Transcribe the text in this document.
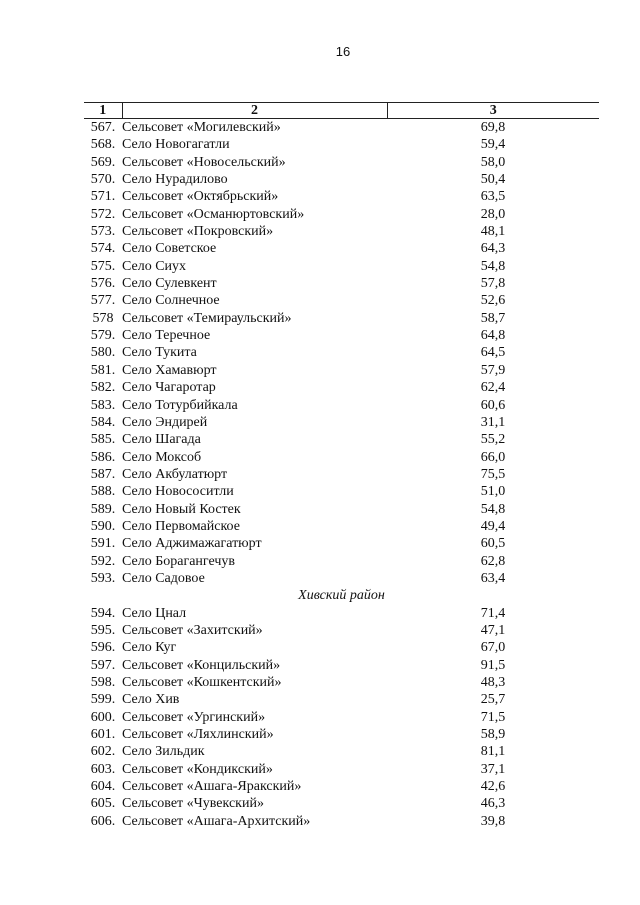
16
1	2	3
567.	Сельсовет «Могилевский»	69,8
568.	Село Новогагатли	59,4
569.	Сельсовет «Новосельский»	58,0
570.	Село Нурадилово	50,4
571.	Сельсовет «Октябрьский»	63,5
572.	Сельсовет «Османюртовский»	28,0
573.	Сельсовет «Покровский»	48,1
574.	Село Советское	64,3
575.	Село Сиух	54,8
576.	Село Сулевкент	57,8
577.	Село Солнечное	52,6
578	Сельсовет «Темираульский»	58,7
579.	Село Теречное	64,8
580.	Село Тукита	64,5
581.	Село Хамавюрт	57,9
582.	Село Чагаротар	62,4
583.	Село Тотурбийкала	60,6
584.	Село Эндирей	31,1
585.	Село Шагада	55,2
586.	Село Моксоб	66,0
587.	Село Акбулатюрт	75,5
588.	Село Новососитли	51,0
589.	Село Новый Костек	54,8
590.	Село Первомайское	49,4
591.	Село Аджимажагатюрт	60,5
592.	Село Борагангечув	62,8
593.	Село Садовое	63,4
Хивский район		
594.	Село Цнал	71,4
595.	Сельсовет «Захитский»	47,1
596.	Село Куг	67,0
597.	Сельсовет «Концильский»	91,5
598.	Сельсовет «Кошкентский»	48,3
599.	Село Хив	25,7
600.	Сельсовет «Ургинский»	71,5
601.	Сельсовет «Ляхлинский»	58,9
602.	Село Зильдик	81,1
603.	Сельсовет «Кондикский»	37,1
604.	Сельсовет «Ашага-Яракский»	42,6
605.	Сельсовет «Чувекский»	46,3
606.	Сельсовет «Ашага-Архитский»	39,8
